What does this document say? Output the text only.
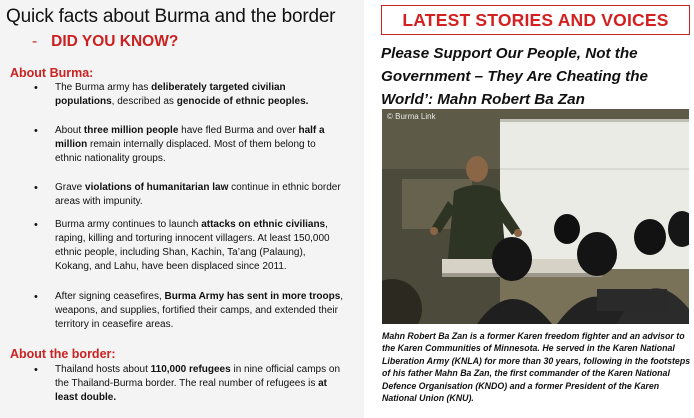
Quick facts about Burma and the border
- DID YOU KNOW?
About Burma:
• The Burma army has deliberately targeted civilian populations, described as genocide of ethnic peoples.
• About three million people have fled Burma and over half a million remain internally displaced. Most of them belong to ethnic nationality groups.
• Grave violations of humanitarian law continue in ethnic border areas with impunity.
• Burma army continues to launch attacks on ethnic civilians, raping, killing and torturing innocent villagers. At least 150,000 ethnic people, including Shan, Kachin, Ta’ang (Palaung), Kokang, and Lahu, have been displaced since 2011.
• After signing ceasefires, Burma Army has sent in more troops, weapons, and supplies, fortified their camps, and extended their territory in ceasefire areas.
About the border:
• Thailand hosts about 110,000 refugees in nine official camps on the Thailand-Burma border. The real number of refugees is at least double.
LATEST STORIES AND VOICES
Please Support Our People, Not the Government – They Are Cheating the World’: Mahn Robert Ba Zan
© Burma Link
Mahn Robert Ba Zan is a former Karen freedom fighter and an advisor to the Karen Communities of Minnesota. He served in the Karen National Liberation Army (KNLA) for more than 30 years, following in the footsteps of his father Mahn Ba Zan, the first commander of the Karen National Defence Organisation (KNDO) and a former President of the Karen National Union (KNU).
